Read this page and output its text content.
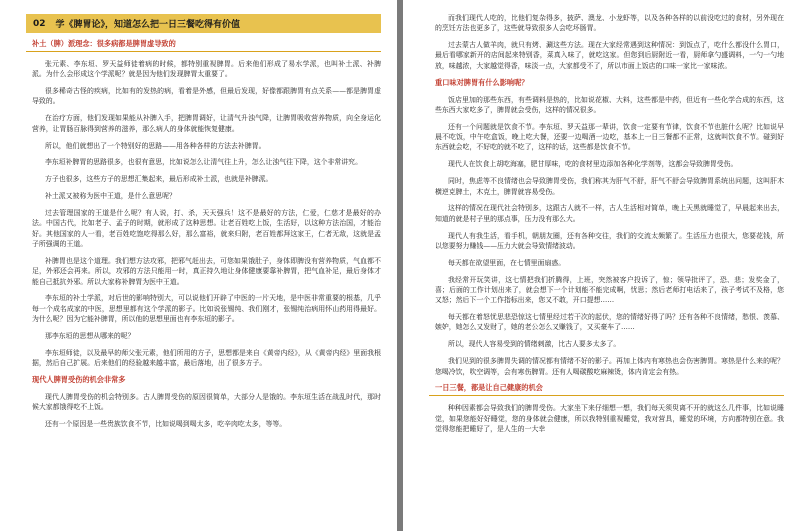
02 学《脾胃论》，知道怎么把一日三餐吃得有价值
补土（脾）派理念：很多病都是脾胃虚导致的

张元素、李东垣、罗天益师徒着病的时候，都特别重视脾胃。后来他们形成了易水学派，也叫补土派、补脾派。为什么会形成这个学派呢？就是因为他们发现脾胃太重要了。

很多稀奇古怪的疾病，比如有的发热的病，看着是外感，但最后发现，好像都跟脾胃有点关系——都是脾胃虚导致的。

在治疗方面，他们发现如果能从补脾入手，把脾胃调好，让清气升浊气降，让脾胃吸收营养物质，向全身运化营养，让胃肠百脉得到营养的滋养，那么病人的身体就能恢复健康。

所以，他们就想出了一个特别好的思路——用各种各样的方法去补脾胃。

李东垣补脾胃的思路很多，也很有意思，比如说怎么让清气往上升，怎么让浊气往下降，这个非常讲究。

方子也很多，这些方子的思想汇集起来，最后形成补土派，也就是补脾派。

补土派又被称为医中王道，是什么意思呢？

过去管理国家的王道是什么呢？有人说，打、杀，天天强兵！这不是最好的方法，仁爱，仁慈才是最好的办法。中国古代，比如老子、孟子的时期，就形成了这种思想。让老百姓吃上饭，生活好，以这种方法治国，才能治好。其他国家的人一看，老百姓吃饱吃得那么好，那么富裕，就来归附，老百姓都拜这家王，仁者无敌，这就是孟子所强调的王道。

补脾胃也是这个道理。我们想方法攻邪，把邪气赶出去，可您如果饿肚子，身体即脾没有营养物质，气血都不足，外邪还会再来。所以，攻邪的方法只能用一时，真正持久地让身体健康要靠补脾胃，把气血补足，最后身体才能自己抵抗外邪。所以大家称补脾胃为医中王道。

李东垣的补土学派，对后世的影响特别大，可以说他们开辟了中医的一片天地，是中医非常重要的根基，几乎每一个成名成家的中医，思想里都有这个学派的影子。比如说张锡纯、我们刚才，张锡纯治病用怀山药用得最好。为什么呢？因为它能补脾胃，所以他的思想里面也有李东垣的影子。

那李东垣的思想从哪来的呢？

李东垣师徒，以及最早的师父张元素，他们所用的方子，思想都是来自《黄帝内经》，从《黄帝内经》里面我根据，然后自己扩展。后来他们的经验越来越丰富，最后落地，出了很多方子。

现代人脾胃受伤的机会非常多

现代人脾胃受伤的机会特别多。古人脾胃受伤的原因很简单，大部分人是饿的。李东垣生活在战乱时代，那时候大家都饿得吃不上饭。

还有一个原因是一些贵族饮食不节，比如说喝到喝太多，吃辛肉吃太多，等等。

而我们现代人吃的，比他们复杂得多，披萨、澳龙、小龙虾等，以及各种各样的以前没吃过的食材，另外现在的烹饪方法也更多了，这些就导致很多人会吃坏肠胃。

过去蒙古人做羊肉，就只有烤、涮这些方法。现在大家经常遇到这种情况：到饭点了，吃什么都没什么胃口，最后看哪家新开的店间起来特别香，菜真入味了，就吃这家。但您到后厨附近一看，厨师拿勺盛调料，一勺一勺地放，味越浓，大家越觉得香，味淡一点，大家都受不了，所以市面上饭店的口味一家比一家味浓。

重口味对脾胃有什么影响呢？

饭店里加的那些东西，有些调料是热的，比如说花椒、大料，这些都是中药，但近有一些化学合成的东西，这些东西大家吃多了，脾胃就会受伤，这样的情况很多。

还有一个问题就是饮食不节。李东垣、罗天益那一辈讲，饮食一定要有节律，饮食不节也脏什么呢？比如说早晨不吃饭，中午吃盒饭，晚上吃大餐，还要一边喝酒一边吃，基本上一日三餐都不正常，这就叫饮食不节。碰到好东西就会吃，不好吃的就不吃了，这样的话，这些都是饮食不节。

现代人在饮食上胡吃海塞，肥甘厚味，吃的食材里边添加各种化学剂等，这都会导致脾胃受伤。

同时，焦虑等不良情绪也会导致脾胃受伤，我们称其为肝气不舒，肝气不舒会导致脾胃系统出问题，这叫肝木横逆克脾土，木克土，脾胃就容易受伤。

这样的情况在现代社会特别多，这跟古人就不一样，古人生活相对简单，晚上天黑就睡觉了，早晨起来出去，知道的就是村子里的那点事，压力没有那么大。

现代人有我生活，看手机，朝朋友圈，还有各种交往，我们的交流太频繁了。生活压力也很大，您要花钱，所以您要努力赚钱——压力大就会导致情绪波动。

每天都在欲望里面，在七情里面扇惑。

我经常开玩笑讲，这七情把我们折腾得，上班，突然被客户投诉了，惊；领导批评了，恐、悲；发奖金了，喜；后面的工作计划出来了，就会想下一个计划能不能完成啊，忧思；然后老师打电话来了，孩子考试不及格，您又怒；然后下一个工作指标出来，您又不敢，开口提想……

每天都在着怒忧思悲恐惊这七情里经过若干次的起伏，您的情绪好得了吗？还有各种不良情绪，愁恨、羡慕、嫉妒，她怎么又发财了，她的老公怎么又赚钱了，又买豪车了……

所以，现代人容易受到的情绪刺激，比古人要多太多了。

我们见到的很多脾胃失调的情况都有情绪不好的影子。再加上体内有寒热也会伤害脾胃。寒热是什么来的呢？您喝冷饮，吹空调等，会有寒伤脾胃。还有人喝碳酸吃麻辣烫，体内肯定会有热。

一日三餐，都是让自己健康的机会

种种因素都会导致我们的脾胃受伤。大家坐下来仔细想一想，我们每天须臾离不开的就这么几件事，比如说睡觉，如果您能好好睡觉，您的身体就会健康，所以我特别重视睡觉，我对营具，睡觉的环境，方向都特别在意。我觉得您能把睡好了，是人生的一大幸
